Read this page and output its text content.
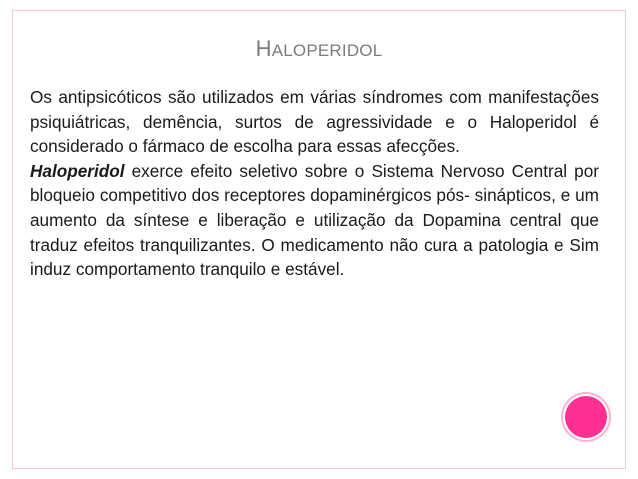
HALOPERIDOL

Os antipsicóticos são utilizados em várias síndromes com manifestações psiquiátricas, demência, surtos de agressividade e o Haloperidol é considerado o fármaco de escolha para essas afecções.

Haloperidol exerce efeito seletivo sobre o Sistema Nervoso Central por bloqueio competitivo dos receptores dopaminérgicos pós- sinápticos, e um aumento da síntese e liberação e utilização da Dopamina central que traduz efeitos tranquilizantes. O medicamento não cura a patologia e Sim induz comportamento tranquilo e estável.
